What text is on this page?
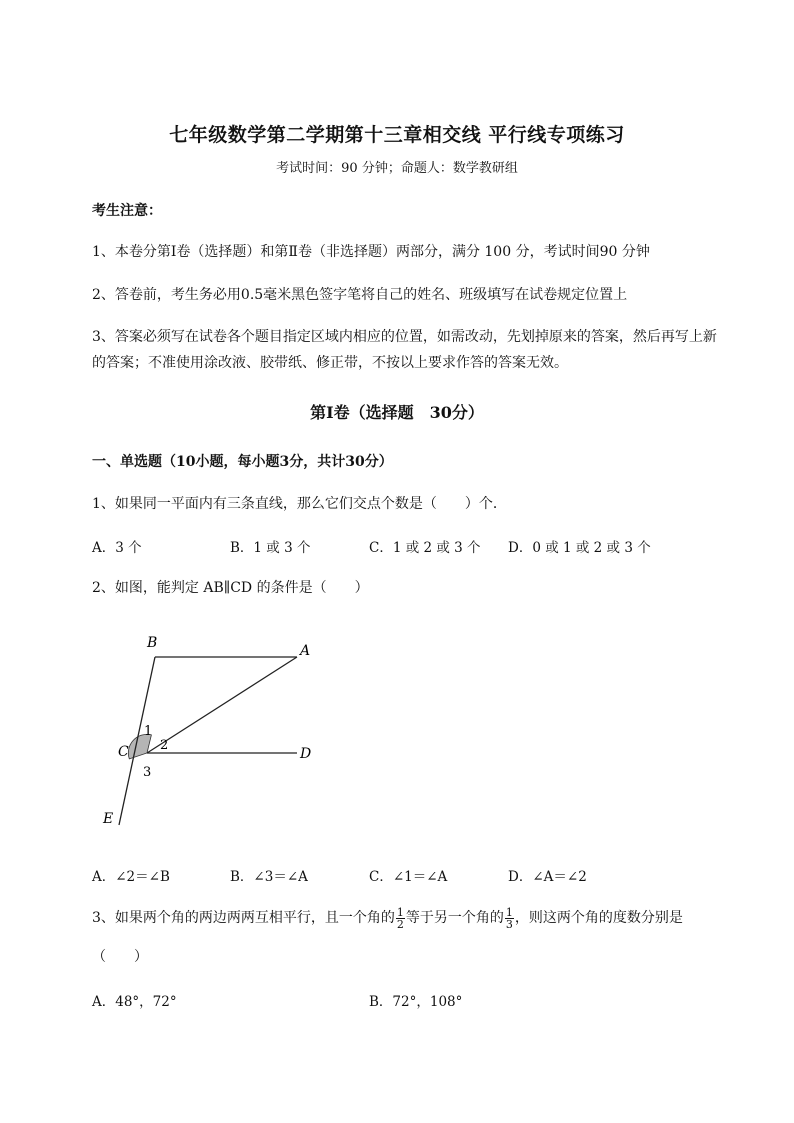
七年级数学第二学期第十三章相交线 平行线专项练习
考试时间：90 分钟；命题人：数学教研组
考生注意：
1、本卷分第Ⅰ卷（选择题）和第Ⅱ卷（非选择题）两部分，满分 100 分，考试时间90 分钟
2、答卷前，考生务必用0.5毫米黑色签字笔将自己的姓名、班级填写在试卷规定位置上
3、答案必须写在试卷各个题目指定区域内相应的位置，如需改动，先划掉原来的答案，然后再写上新
的答案；不准使用涂改液、胶带纸、修正带，不按以上要求作答的答案无效。
第Ⅰ卷（选择题　30分）
一、单选题（10小题，每小题3分，共计30分）
1、如果同一平面内有三条直线，那么它们交点个数是（　　）个．
A．3 个	B．1 或 3 个	C．1 或 2 或 3 个 D．0 或 1 或 2 或 3 个
2、如图，能判定 AB∥CD 的条件是（　　）
B	A
C	D
E
1
2
3
A．∠2＝∠B	B．∠3＝∠A	C．∠1＝∠A	D．∠A＝∠2
3、如果两个角的两边两两互相平行，且一个角的 $\frac{1}{2}$ 等于另一个角的 $\frac{1}{3}$ ，则这两个角的度数分别是
（　　）
A．48°，72°	B．72°，108°
